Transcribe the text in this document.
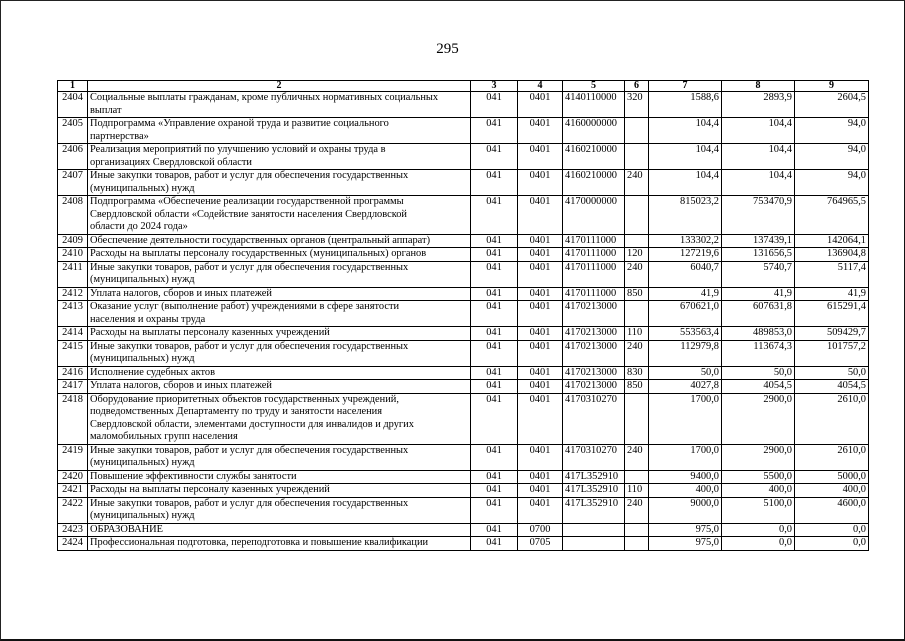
295
1	2	3	4	5	6	7	8	9
2404	Социальные выплаты гражданам, кроме публичных нормативных социальных
выплат	041	0401	4140110000	320	1588,6	2893,9	2604,5
2405	Подпрограмма «Управление охраной труда и развитие социального
партнерства»	041	0401	4160000000		104,4	104,4	94,0
2406	Реализация мероприятий по улучшению условий и охраны труда в
организациях Свердловской области	041	0401	4160210000		104,4	104,4	94,0
2407	Иные закупки товаров, работ и услуг для обеспечения государственных
(муниципальных) нужд	041	0401	4160210000	240	104,4	104,4	94,0
2408	Подпрограмма «Обеспечение реализации государственной программы
Свердловской области «Содействие занятости населения Свердловской
области до 2024 года»	041	0401	4170000000		815023,2	753470,9	764965,5
2409	Обеспечение деятельности государственных органов (центральный аппарат)	041	0401	4170111000		133302,2	137439,1	142064,1
2410	Расходы на выплаты персоналу государственных (муниципальных) органов	041	0401	4170111000	120	127219,6	131656,5	136904,8
2411	Иные закупки товаров, работ и услуг для обеспечения государственных
(муниципальных) нужд	041	0401	4170111000	240	6040,7	5740,7	5117,4
2412	Уплата налогов, сборов и иных платежей	041	0401	4170111000	850	41,9	41,9	41,9
2413	Оказание услуг (выполнение работ) учреждениями в сфере занятости
населения и охраны труда	041	0401	4170213000		670621,0	607631,8	615291,4
2414	Расходы на выплаты персоналу казенных учреждений	041	0401	4170213000	110	553563,4	489853,0	509429,7
2415	Иные закупки товаров, работ и услуг для обеспечения государственных
(муниципальных) нужд	041	0401	4170213000	240	112979,8	113674,3	101757,2
2416	Исполнение судебных актов	041	0401	4170213000	830	50,0	50,0	50,0
2417	Уплата налогов, сборов и иных платежей	041	0401	4170213000	850	4027,8	4054,5	4054,5
2418	Оборудование приоритетных объектов государственных учреждений,
подведомственных Департаменту по труду и занятости населения
Свердловской области, элементами доступности для инвалидов и других
маломобильных групп населения	041	0401	4170310270		1700,0	2900,0	2610,0
2419	Иные закупки товаров, работ и услуг для обеспечения государственных
(муниципальных) нужд	041	0401	4170310270	240	1700,0	2900,0	2610,0
2420	Повышение эффективности службы занятости	041	0401	417L352910		9400,0	5500,0	5000,0
2421	Расходы на выплаты персоналу казенных учреждений	041	0401	417L352910	110	400,0	400,0	400,0
2422	Иные закупки товаров, работ и услуг для обеспечения государственных
(муниципальных) нужд	041	0401	417L352910	240	9000,0	5100,0	4600,0
2423	ОБРАЗОВАНИЕ	041	0700			975,0	0,0	0,0
2424	Профессиональная подготовка, переподготовка и повышение квалификации	041	0705			975,0	0,0	0,0
